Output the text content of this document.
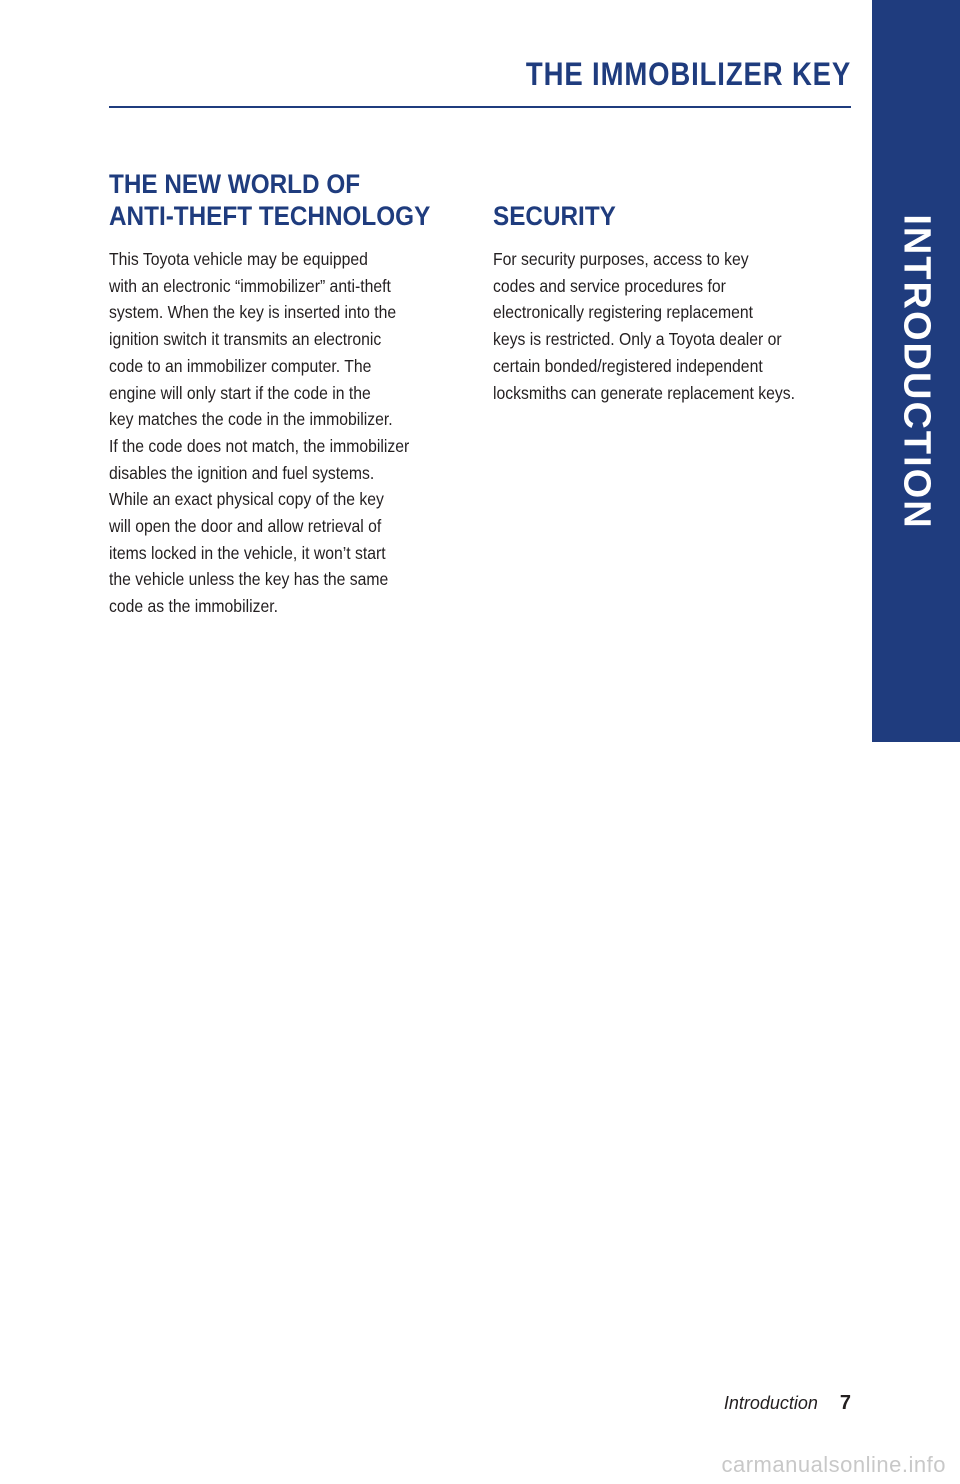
THE IMMOBILIZER KEY
INTRODUCTION
THE NEW WORLD OF
ANTI-THEFT TECHNOLOGY

This Toyota vehicle may be equipped
with an electronic “immobilizer” anti-theft
system. When the key is inserted into the
ignition switch it transmits an electronic
code to an immobilizer computer. The
engine will only start if the code in the
key matches the code in the immobilizer.
If the code does not match, the immobilizer
disables the ignition and fuel systems.
While an exact physical copy of the key
will open the door and allow retrieval of
items locked in the vehicle, it won’t start
the vehicle unless the key has the same
code as the immobilizer.

SECURITY

For security purposes, access to key
codes and service procedures for
electronically registering replacement
keys is restricted. Only a Toyota dealer or
certain bonded/registered independent
locksmiths can generate replacement keys.

Introduction 7
carmanualsonline.info
